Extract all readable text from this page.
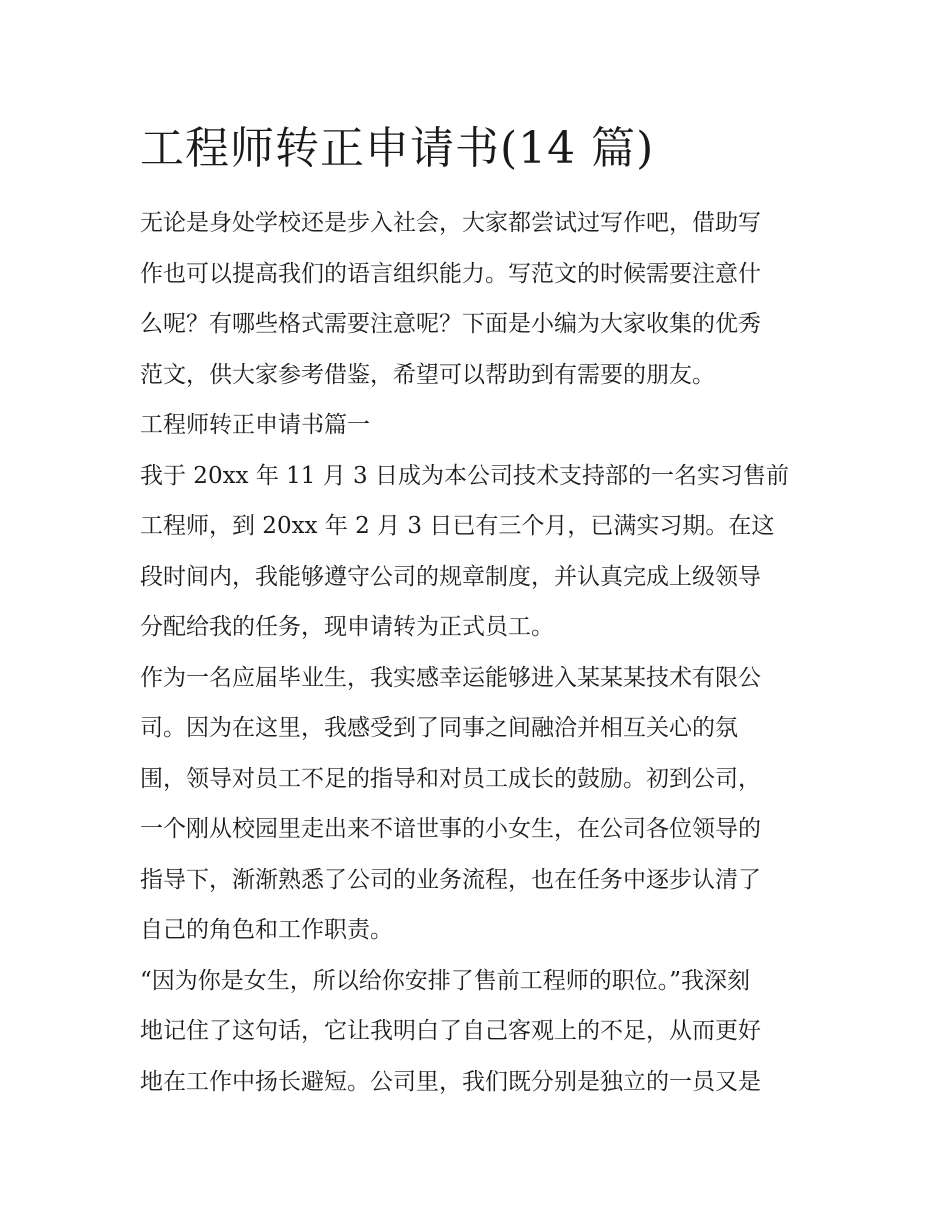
工程师转正申请书(14 篇)
无论是身处学校还是步入社会，大家都尝试过写作吧，借助写
作也可以提高我们的语言组织能力。写范文的时候需要注意什
么呢？有哪些格式需要注意呢？下面是小编为大家收集的优秀
范文，供大家参考借鉴，希望可以帮助到有需要的朋友。
工程师转正申请书篇一
我于 20xx 年 11 月 3 日成为本公司技术支持部的一名实习售前
工程师，到 20xx 年 2 月 3 日已有三个月，已满实习期。在这
段时间内，我能够遵守公司的规章制度，并认真完成上级领导
分配给我的任务，现申请转为正式员工。
作为一名应届毕业生，我实感幸运能够进入某某某技术有限公
司。因为在这里，我感受到了同事之间融洽并相互关心的氛
围，领导对员工不足的指导和对员工成长的鼓励。初到公司，
一个刚从校园里走出来不谙世事的小女生，在公司各位领导的
指导下，渐渐熟悉了公司的业务流程，也在任务中逐步认清了
自己的角色和工作职责。
“因为你是女生，所以给你安排了售前工程师的职位。”我深刻
地记住了这句话，它让我明白了自己客观上的不足，从而更好
地在工作中扬长避短。公司里，我们既分别是独立的一员又是
